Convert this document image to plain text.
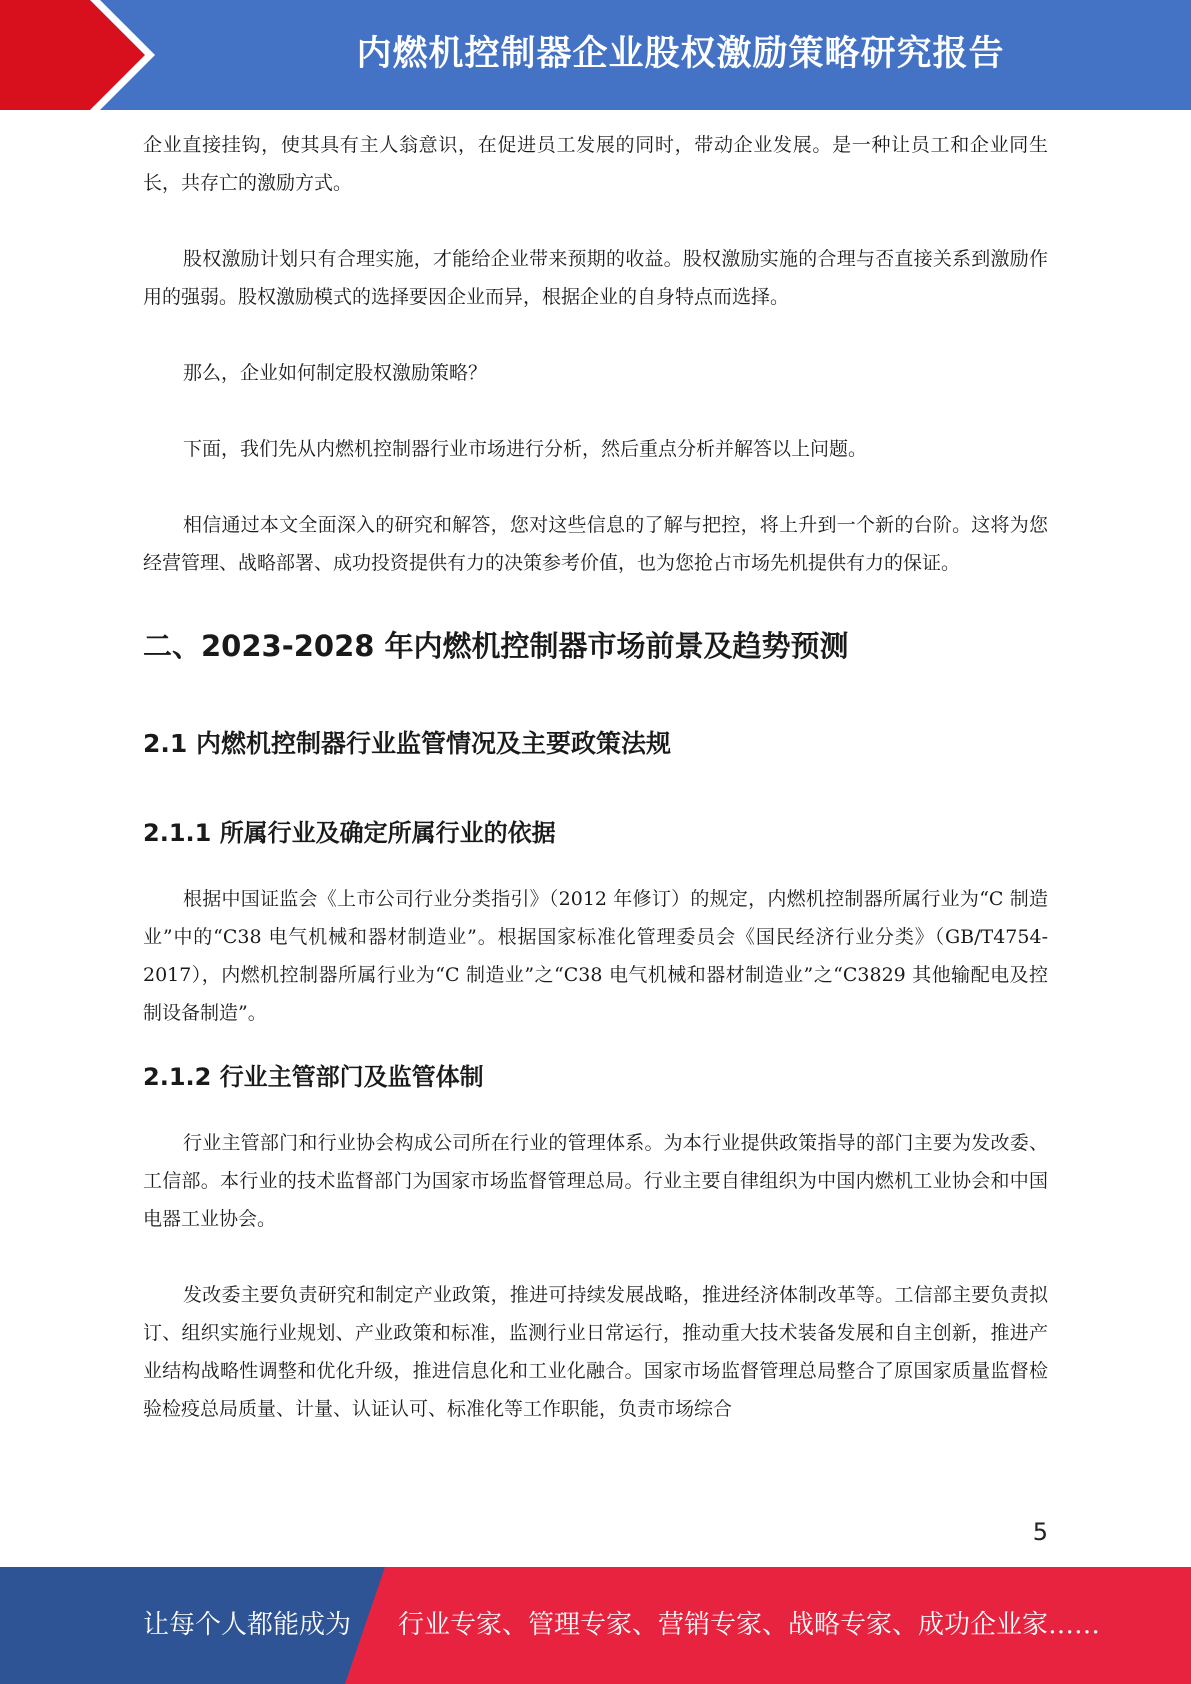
内燃机控制器企业股权激励策略研究报告

企业直接挂钩，使其具有主人翁意识，在促进员工发展的同时，带动企业发展。是一种让员工和企业同生长，共存亡的激励方式。

股权激励计划只有合理实施，才能给企业带来预期的收益。股权激励实施的合理与否直接关系到激励作用的强弱。股权激励模式的选择要因企业而异，根据企业的自身特点而选择。

那么，企业如何制定股权激励策略？

下面，我们先从内燃机控制器行业市场进行分析，然后重点分析并解答以上问题。

相信通过本文全面深入的研究和解答，您对这些信息的了解与把控，将上升到一个新的台阶。这将为您经营管理、战略部署、成功投资提供有力的决策参考价值，也为您抢占市场先机提供有力的保证。

二、2023-2028 年内燃机控制器市场前景及趋势预测
2.1 内燃机控制器行业监管情况及主要政策法规
2.1.1 所属行业及确定所属行业的依据

根据中国证监会《上市公司行业分类指引》（2012 年修订）的规定，内燃机控制器所属行业为“C 制造业”中的“C38 电气机械和器材制造业”。根据国家标准化管理委员会《国民经济行业分类》（GB/T4754-2017），内燃机控制器所属行业为“C 制造业”之“C38 电气机械和器材制造业”之“C3829 其他输配电及控制设备制造”。

2.1.2 行业主管部门及监管体制

行业主管部门和行业协会构成公司所在行业的管理体系。为本行业提供政策指导的部门主要为发改委、工信部。本行业的技术监督部门为国家市场监督管理总局。行业主要自律组织为中国内燃机工业协会和中国电器工业协会。

发改委主要负责研究和制定产业政策，推进可持续发展战略，推进经济体制改革等。工信部主要负责拟订、组织实施行业规划、产业政策和标准，监测行业日常运行，推动重大技术装备发展和自主创新，推进产业结构战略性调整和优化升级，推进信息化和工业化融合。国家市场监督管理总局整合了原国家质量监督检验检疫总局质量、计量、认证认可、标准化等工作职能，负责市场综合

5
让每个人都能成为 行业专家、管理专家、营销专家、战略专家、成功企业家……
